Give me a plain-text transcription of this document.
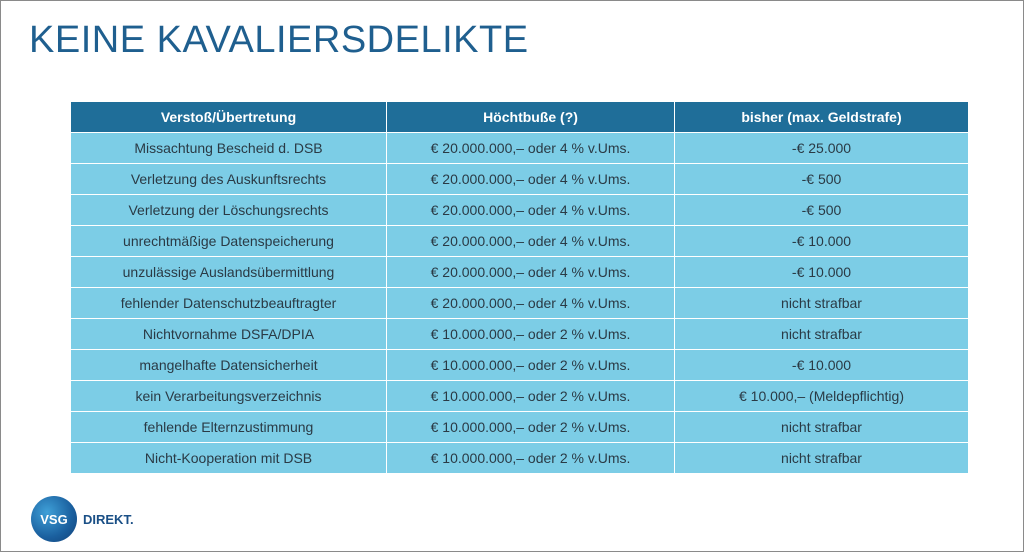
KEINE KAVALIERSDELIKTE
Verstoß/Übertretung	Höchtbuße (?)	bisher (max. Geldstrafe)
Missachtung Bescheid d. DSB	€ 20.000.000,– oder 4 % v.Ums.	-€ 25.000
Verletzung des Auskunftsrechts	€ 20.000.000,– oder 4 % v.Ums.	-€ 500
Verletzung der Löschungsrechts	€ 20.000.000,– oder 4 % v.Ums.	-€ 500
unrechtmäßige Datenspeicherung	€ 20.000.000,– oder 4 % v.Ums.	-€ 10.000
unzulässige Auslandsübermittlung	€ 20.000.000,– oder 4 % v.Ums.	-€ 10.000
fehlender Datenschutzbeauftragter	€ 20.000.000,– oder 4 % v.Ums.	nicht strafbar
Nichtvornahme DSFA/DPIA	€ 10.000.000,– oder 2 % v.Ums.	nicht strafbar
mangelhafte Datensicherheit	€ 10.000.000,– oder 2 % v.Ums.	-€ 10.000
kein Verarbeitungsverzeichnis	€ 10.000.000,– oder 2 % v.Ums.	€ 10.000,– (Meldepflichtig)
fehlende Elternzustimmung	€ 10.000.000,– oder 2 % v.Ums.	nicht strafbar
Nicht-Kooperation mit DSB	€ 10.000.000,– oder 2 % v.Ums.	nicht strafbar
VSG	DIREKT.
